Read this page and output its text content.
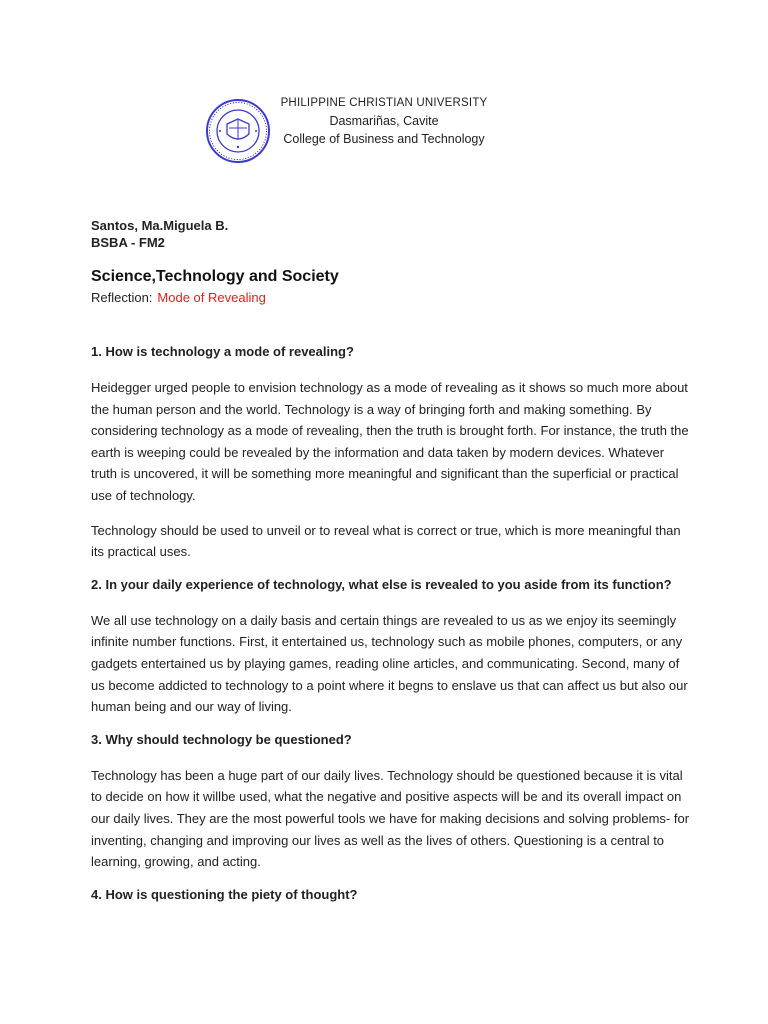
PHILIPPINE CHRISTIAN UNIVERSITY
Dasmariñas, Cavite
College of Business and Technology
Santos, Ma.Miguela B.
BSBA - FM2
Science,Technology and Society
Reflection: Mode of Revealing
1. How is technology a mode of revealing?

Heidegger urged people to envision technology as a mode of revealing as it shows so much more about the human person and the world. Technology is a way of bringing forth and making something. By considering technology as a mode of revealing, then the truth is brought forth. For instance, the truth the earth is weeping could be revealed by the information and data taken by modern devices. Whatever truth is uncovered, it will be something more meaningful and significant than the superficial or practical use of technology.

Technology should be used to unveil or to reveal what is correct or true, which is more meaningful than its practical uses.

2. In your daily experience of technology, what else is revealed to you aside from its function?

We all use technology on a daily basis and certain things are revealed to us as we enjoy its seemingly infinite number functions. First, it entertained us, technology such as mobile phones, computers, or any gadgets entertained us by playing games, reading oline articles, and communicating. Second, many of us become addicted to technology to a point where it begns to enslave us that can affect us but also our human being and our way of living.

3. Why should technology be questioned?

Technology has been a huge part of our daily lives. Technology should be questioned because it is vital to decide on how it willbe used, what the negative and positive aspects will be and its overall impact on our daily lives. They are the most powerful tools we have for making decisions and solving problems- for inventing, changing and improving our lives as well as the lives of others. Questioning is a central to learning, growing, and acting.

4. How is questioning the piety of thought?
